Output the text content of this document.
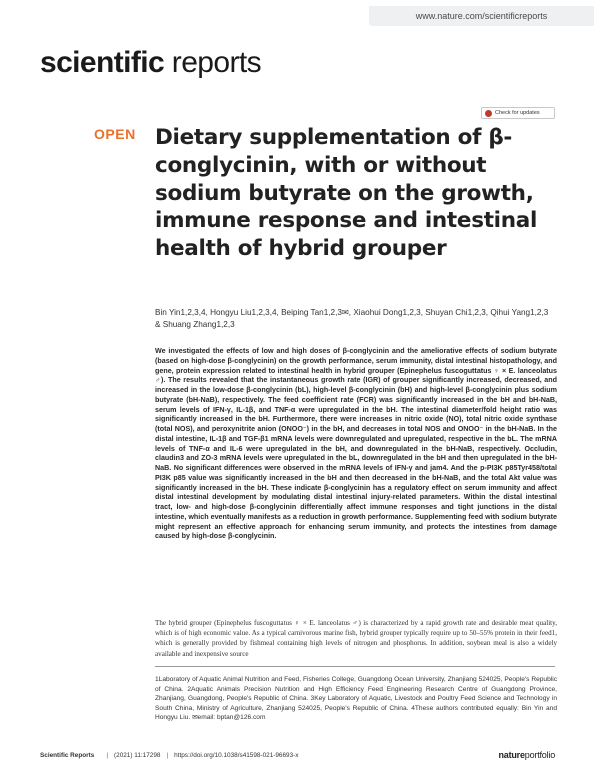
www.nature.com/scientificreports
scientific reports
Check for updates
OPEN Dietary supplementation of β-conglycinin, with or without sodium butyrate on the growth, immune response and intestinal health of hybrid grouper
Bin Yin1,2,3,4, Hongyu Liu1,2,3,4, Beiping Tan1,2,3✉, Xiaohui Dong1,2,3, Shuyan Chi1,2,3, Qihui Yang1,2,3 & Shuang Zhang1,2,3
We investigated the effects of low and high doses of β-conglycinin and the ameliorative effects of sodium butyrate (based on high-dose β-conglycinin) on the growth performance, serum immunity, distal intestinal histopathology, and gene, protein expression related to intestinal health in hybrid grouper (Epinephelus fuscoguttatus ♀ × E. lanceolatus ♂). The results revealed that the instantaneous growth rate (IGR) of grouper significantly increased, decreased, and increased in the low-dose β-conglycinin (bL), high-level β-conglycinin (bH) and high-level β-conglycinin plus sodium butyrate (bH-NaB), respectively. The feed coefficient rate (FCR) was significantly increased in the bH and bH-NaB, serum levels of IFN-γ, IL-1β, and TNF-α were upregulated in the bH. The intestinal diameter/fold height ratio was significantly increased in the bH. Furthermore, there were increases in nitric oxide (NO), total nitric oxide synthase (total NOS), and peroxynitrite anion (ONOO⁻) in the bH, and decreases in total NOS and ONOO⁻ in the bH-NaB. In the distal intestine, IL-1β and TGF-β1 mRNA levels were downregulated and upregulated, respective in the bL. The mRNA levels of TNF-α and IL-6 were upregulated in the bH, and downregulated in the bH-NaB, respectively. Occludin, claudin3 and ZO-3 mRNA levels were upregulated in the bL, downregulated in the bH and then upregulated in the bH-NaB. No significant differences were observed in the mRNA levels of IFN-γ and jam4. And the p-PI3K p85Tyr458/total PI3K p85 value was significantly increased in the bH and then decreased in the bH-NaB, and the total Akt value was significantly increased in the bH. These indicate β-conglycinin has a regulatory effect on serum immunity and affect distal intestinal development by modulating distal intestinal injury-related parameters. Within the distal intestinal tract, low- and high-dose β-conglycinin differentially affect immune responses and tight junctions in the distal intestine, which eventually manifests as a reduction in growth performance. Supplementing feed with sodium butyrate might represent an effective approach for enhancing serum immunity, and protects the intestines from damage caused by high-dose β-conglycinin.
The hybrid grouper (Epinephelus fuscoguttatus ♀ × E. lanceolatus ♂) is characterized by a rapid growth rate and desirable meat quality, which is of high economic value. As a typical carnivorous marine fish, hybrid grouper typically require up to 50–55% protein in their feed1, which is generally provided by fishmeal containing high levels of nitrogen and phosphorus. In addition, soybean meal is also a widely available and inexpensive source
1Laboratory of Aquatic Animal Nutrition and Feed, Fisheries College, Guangdong Ocean University, Zhanjiang 524025, People's Republic of China. 2Aquatic Animals Precision Nutrition and High Efficiency Feed Engineering Research Centre of Guangdong Province, Zhanjiang, Guangdong, People's Republic of China. 3Key Laboratory of Aquatic, Livestock and Poultry Feed Science and Technology in South China, Ministry of Agriculture, Zhanjiang 524025, People's Republic of China. 4These authors contributed equally: Bin Yin and Hongyu Liu. ✉email: bptan@126.com
Scientific Reports | (2021) 11:17298 | https://doi.org/10.1038/s41598-021-96693-x	natureportfolio
